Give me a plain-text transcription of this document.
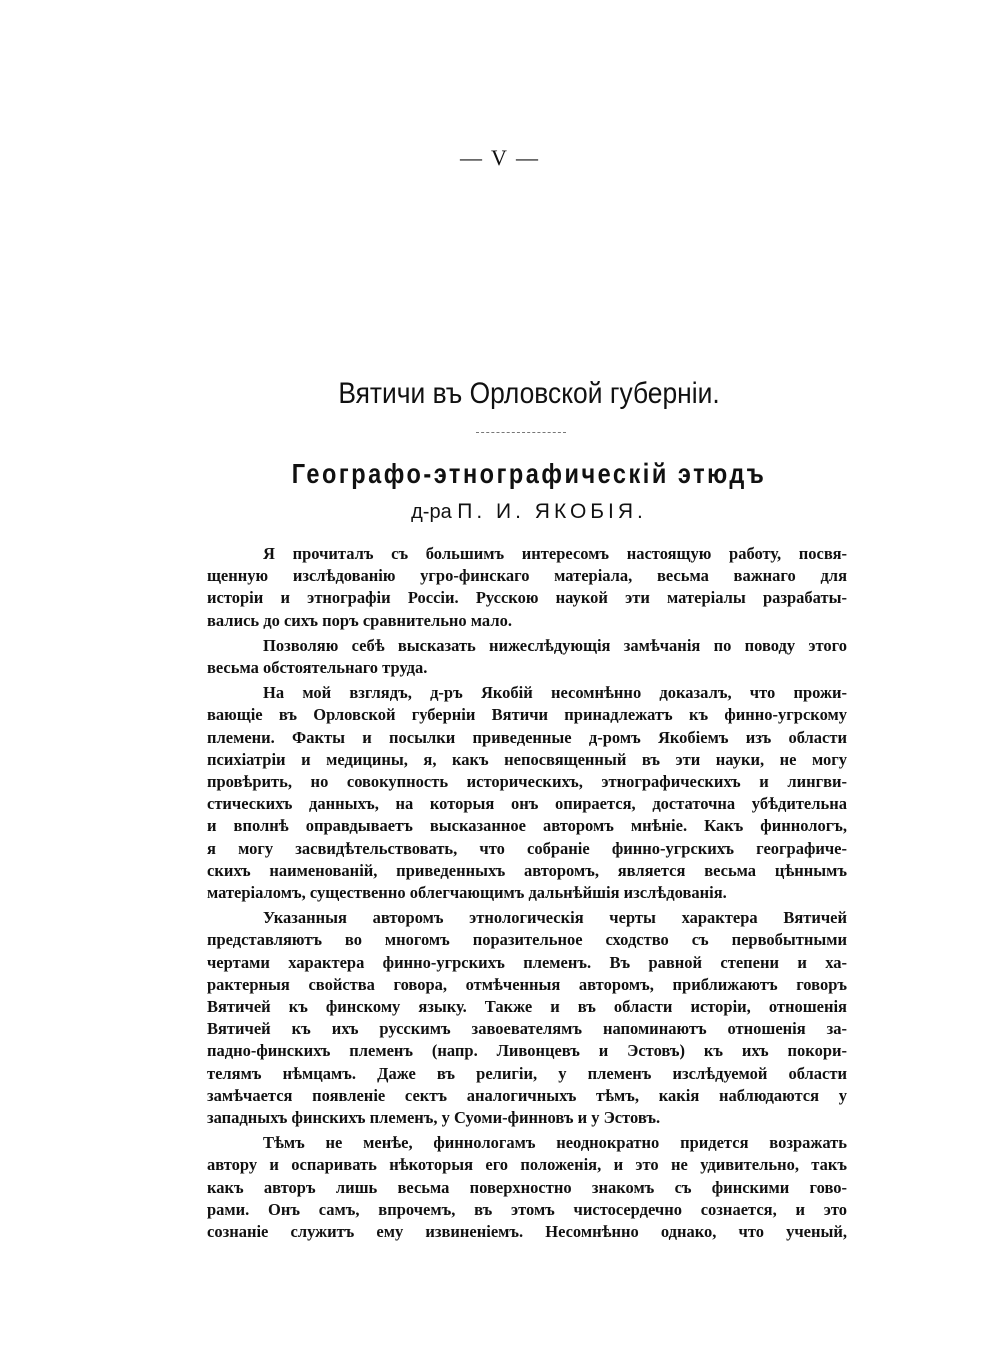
— V —
Вятичи въ Орловской губерніи.
Географо-этнографическій этюдъ
д-ра П. И. ЯКОБІЯ.
Я прочиталъ съ большимъ интересомъ настоящую работу, посвя-
щенную изслѣдованію угро-финскаго матеріала, весьма важнаго для
исторіи и этнографіи Россіи. Русскою наукой эти матеріалы разрабаты-
вались до сихъ поръ сравнительно мало.
Позволяю себѣ высказать нижеслѣдующія замѣчанія по поводу этого
весьма обстоятельнаго труда.
На мой взглядъ, д-ръ Якобій несомнѣнно доказалъ, что прожи-
вающіе въ Орловской губерніи Вятичи принадлежатъ къ финно-угрскому
племени. Факты и посылки приведенные д-ромъ Якобіемъ изъ области
психіатріи и медицины, я, какъ непосвященный въ эти науки, не могу
провѣрить, но совокупность историческихъ, этнографическихъ и лингви-
стическихъ данныхъ, на которыя онъ опирается, достаточна убѣдительна
и вполнѣ оправдываетъ высказанное авторомъ мнѣніе. Какъ финнологъ,
я могу засвидѣтельствовать, что собраніе финно-угрскихъ географиче-
скихъ наименованій, приведенныхъ авторомъ, является весьма цѣннымъ
матеріаломъ, существенно облегчающимъ дальнѣйшія изслѣдованія.
Указанныя авторомъ этнологическія черты характера Вятичей
представляютъ во многомъ поразительное сходство съ первобытными
чертами характера финно-угрскихъ племенъ. Въ равной степени и ха-
рактерныя свойства говора, отмѣченныя авторомъ, приближаютъ говоръ
Вятичей къ финскому языку. Также и въ области исторіи, отношенія
Вятичей къ ихъ русскимъ завоевателямъ напоминаютъ отношенія за-
падно-финскихъ племенъ (напр. Ливонцевъ и Эстовъ) къ ихъ покори-
телямъ нѣмцамъ. Даже въ религіи, у племенъ изслѣдуемой области
замѣчается появленіе сектъ аналогичныхъ тѣмъ, какія наблюдаются у
западныхъ финскихъ племенъ, у Суоми-финновъ и у Эстовъ.
Тѣмъ не менѣе, финнологамъ неоднократно придется возражать
автору и оспаривать нѣкоторыя его положенія, и это не удивительно, такъ
какъ авторъ лишь весьма поверхностно знакомъ съ финскими гово-
рами. Онъ самъ, впрочемъ, въ этомъ чистосердечно сознается, и это
сознаніе служитъ ему извиненіемъ. Несомнѣнно однако, что ученый,
